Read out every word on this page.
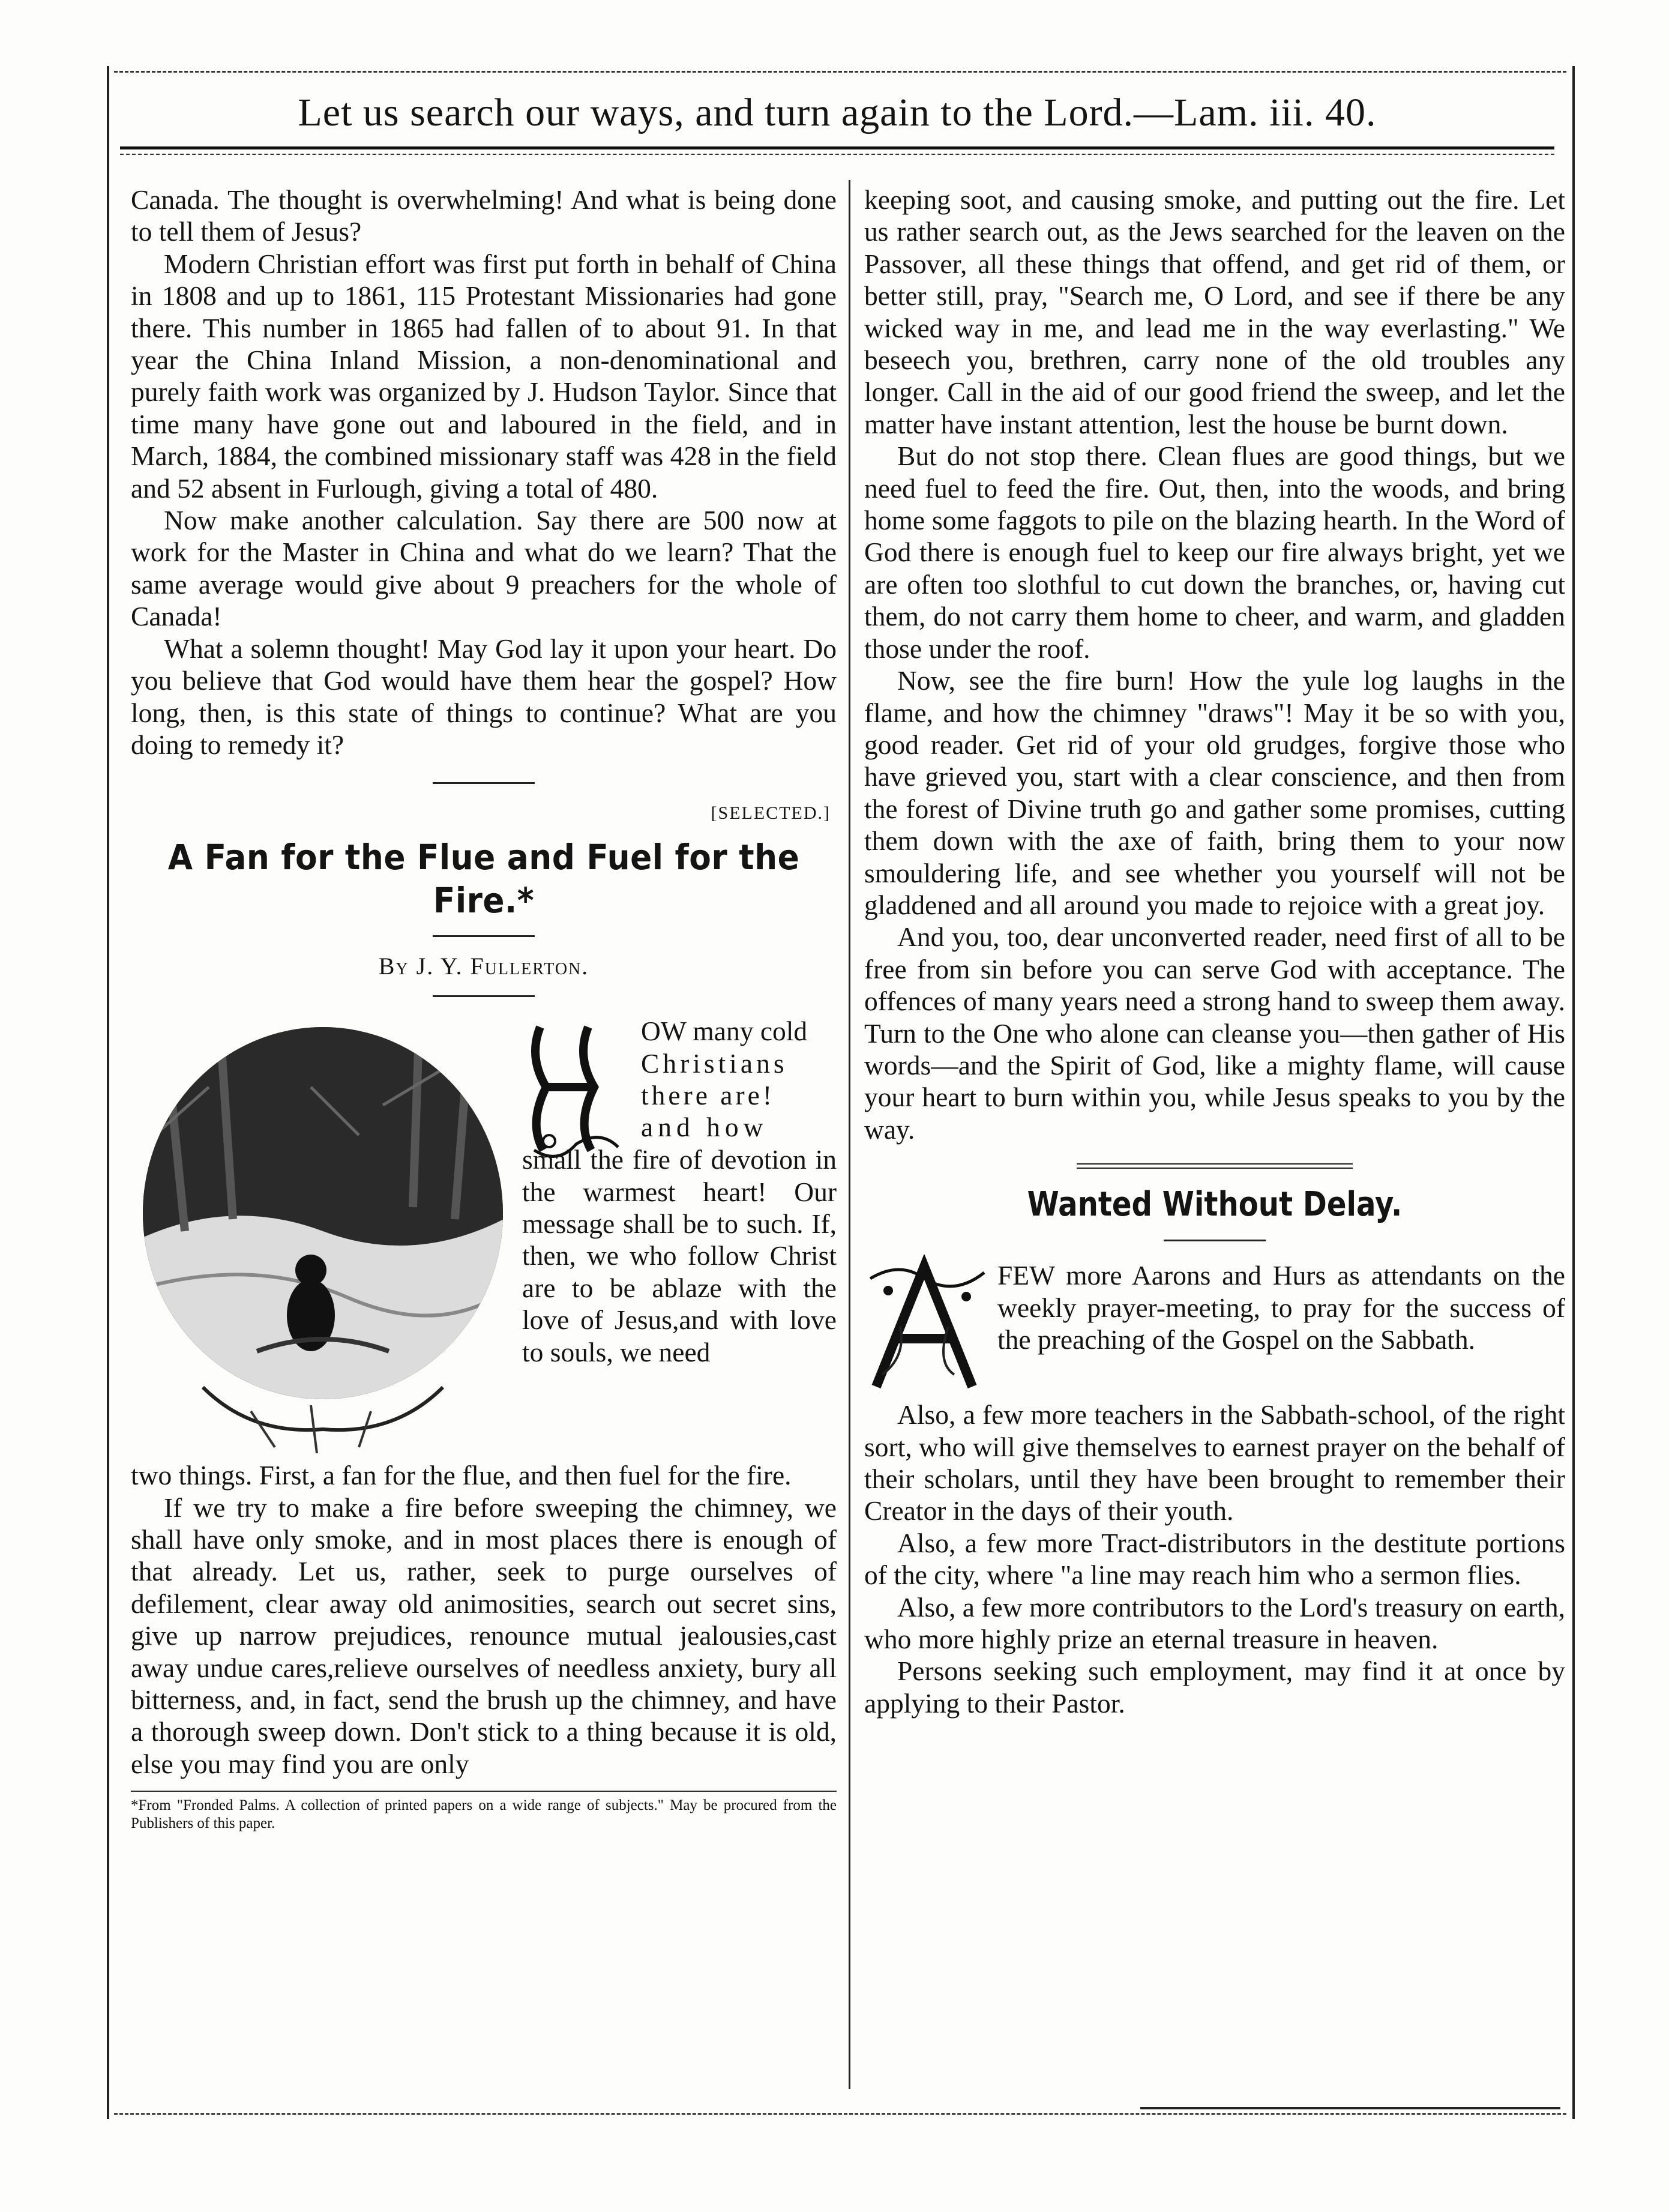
Let us search our ways, and turn again to the Lord.—Lam. iii. 40.

Canada. The thought is overwhelming! And what is being done to tell them of Jesus?

Modern Christian effort was first put forth in behalf of China in 1808 and up to 1861, 115 Protestant Missionaries had gone there. This number in 1865 had fallen of to about 91. In that year the China Inland Mission, a non-denominational and purely faith work was organized by J. Hudson Taylor. Since that time many have gone out and laboured in the field, and in March, 1884, the combined missionary staff was 428 in the field and 52 absent in Furlough, giving a total of 480.

Now make another calculation. Say there are 500 now at work for the Master in China and what do we learn? That the same average would give about 9 preachers for the whole of Canada!

What a solemn thought! May God lay it upon your heart. Do you believe that God would have them hear the gospel? How long, then, is this state of things to continue? What are you doing to remedy it?

[SELECTED.]
A Fan for the Flue and Fuel for the Fire.*
By J. Y. Fullerton.
H
OW many cold
Christians
there are!
and how
small the fire of devotion in the warmest heart! Our message shall be to such. If, then, we who follow Christ are to be ablaze with the love of Jesus,and with love to souls, we need

two things. First, a fan for the flue, and then fuel for the fire.

If we try to make a fire before sweeping the chimney, we shall have only smoke, and in most places there is enough of that already. Let us, rather, seek to purge ourselves of defilement, clear away old animosities, search out secret sins, give up narrow prejudices, renounce mutual jealousies,cast away undue cares,relieve ourselves of needless anxiety, bury all bitterness, and, in fact, send the brush up the chimney, and have a thorough sweep down. Don't stick to a thing because it is old, else you may find you are only

*From "Fronded Palms. A collection of printed papers on a wide range of subjects." May be procured from the Publishers of this paper.

keeping soot, and causing smoke, and putting out the fire. Let us rather search out, as the Jews searched for the leaven on the Passover, all these things that offend, and get rid of them, or better still, pray, "Search me, O Lord, and see if there be any wicked way in me, and lead me in the way everlasting." We beseech you, brethren, carry none of the old troubles any longer. Call in the aid of our good friend the sweep, and let the matter have instant attention, lest the house be burnt down.

But do not stop there. Clean flues are good things, but we need fuel to feed the fire. Out, then, into the woods, and bring home some faggots to pile on the blazing hearth. In the Word of God there is enough fuel to keep our fire always bright, yet we are often too slothful to cut down the branches, or, having cut them, do not carry them home to cheer, and warm, and gladden those under the roof.

Now, see the fire burn! How the yule log laughs in the flame, and how the chimney "draws"! May it be so with you, good reader. Get rid of your old grudges, forgive those who have grieved you, start with a clear conscience, and then from the forest of Divine truth go and gather some promises, cutting them down with the axe of faith, bring them to your now smouldering life, and see whether you yourself will not be gladdened and all around you made to rejoice with a great joy.

And you, too, dear unconverted reader, need first of all to be free from sin before you can serve God with acceptance. The offences of many years need a strong hand to sweep them away. Turn to the One who alone can cleanse you—then gather of His words—and the Spirit of God, like a mighty flame, will cause your heart to burn within you, while Jesus speaks to you by the way.

Wanted Without Delay.
A
FEW more Aarons and Hurs as attendants on the weekly prayer-meeting, to pray for the success of the preaching of the Gospel on the Sabbath.

Also, a few more teachers in the Sabbath-school, of the right sort, who will give themselves to earnest prayer on the behalf of their scholars, until they have been brought to remember their Creator in the days of their youth.

Also, a few more Tract-distributors in the destitute portions of the city, where "a line may reach him who a sermon flies.

Also, a few more contributors to the Lord's treasury on earth, who more highly prize an eternal treasure in heaven.

Persons seeking such employment, may find it at once by applying to their Pastor.
